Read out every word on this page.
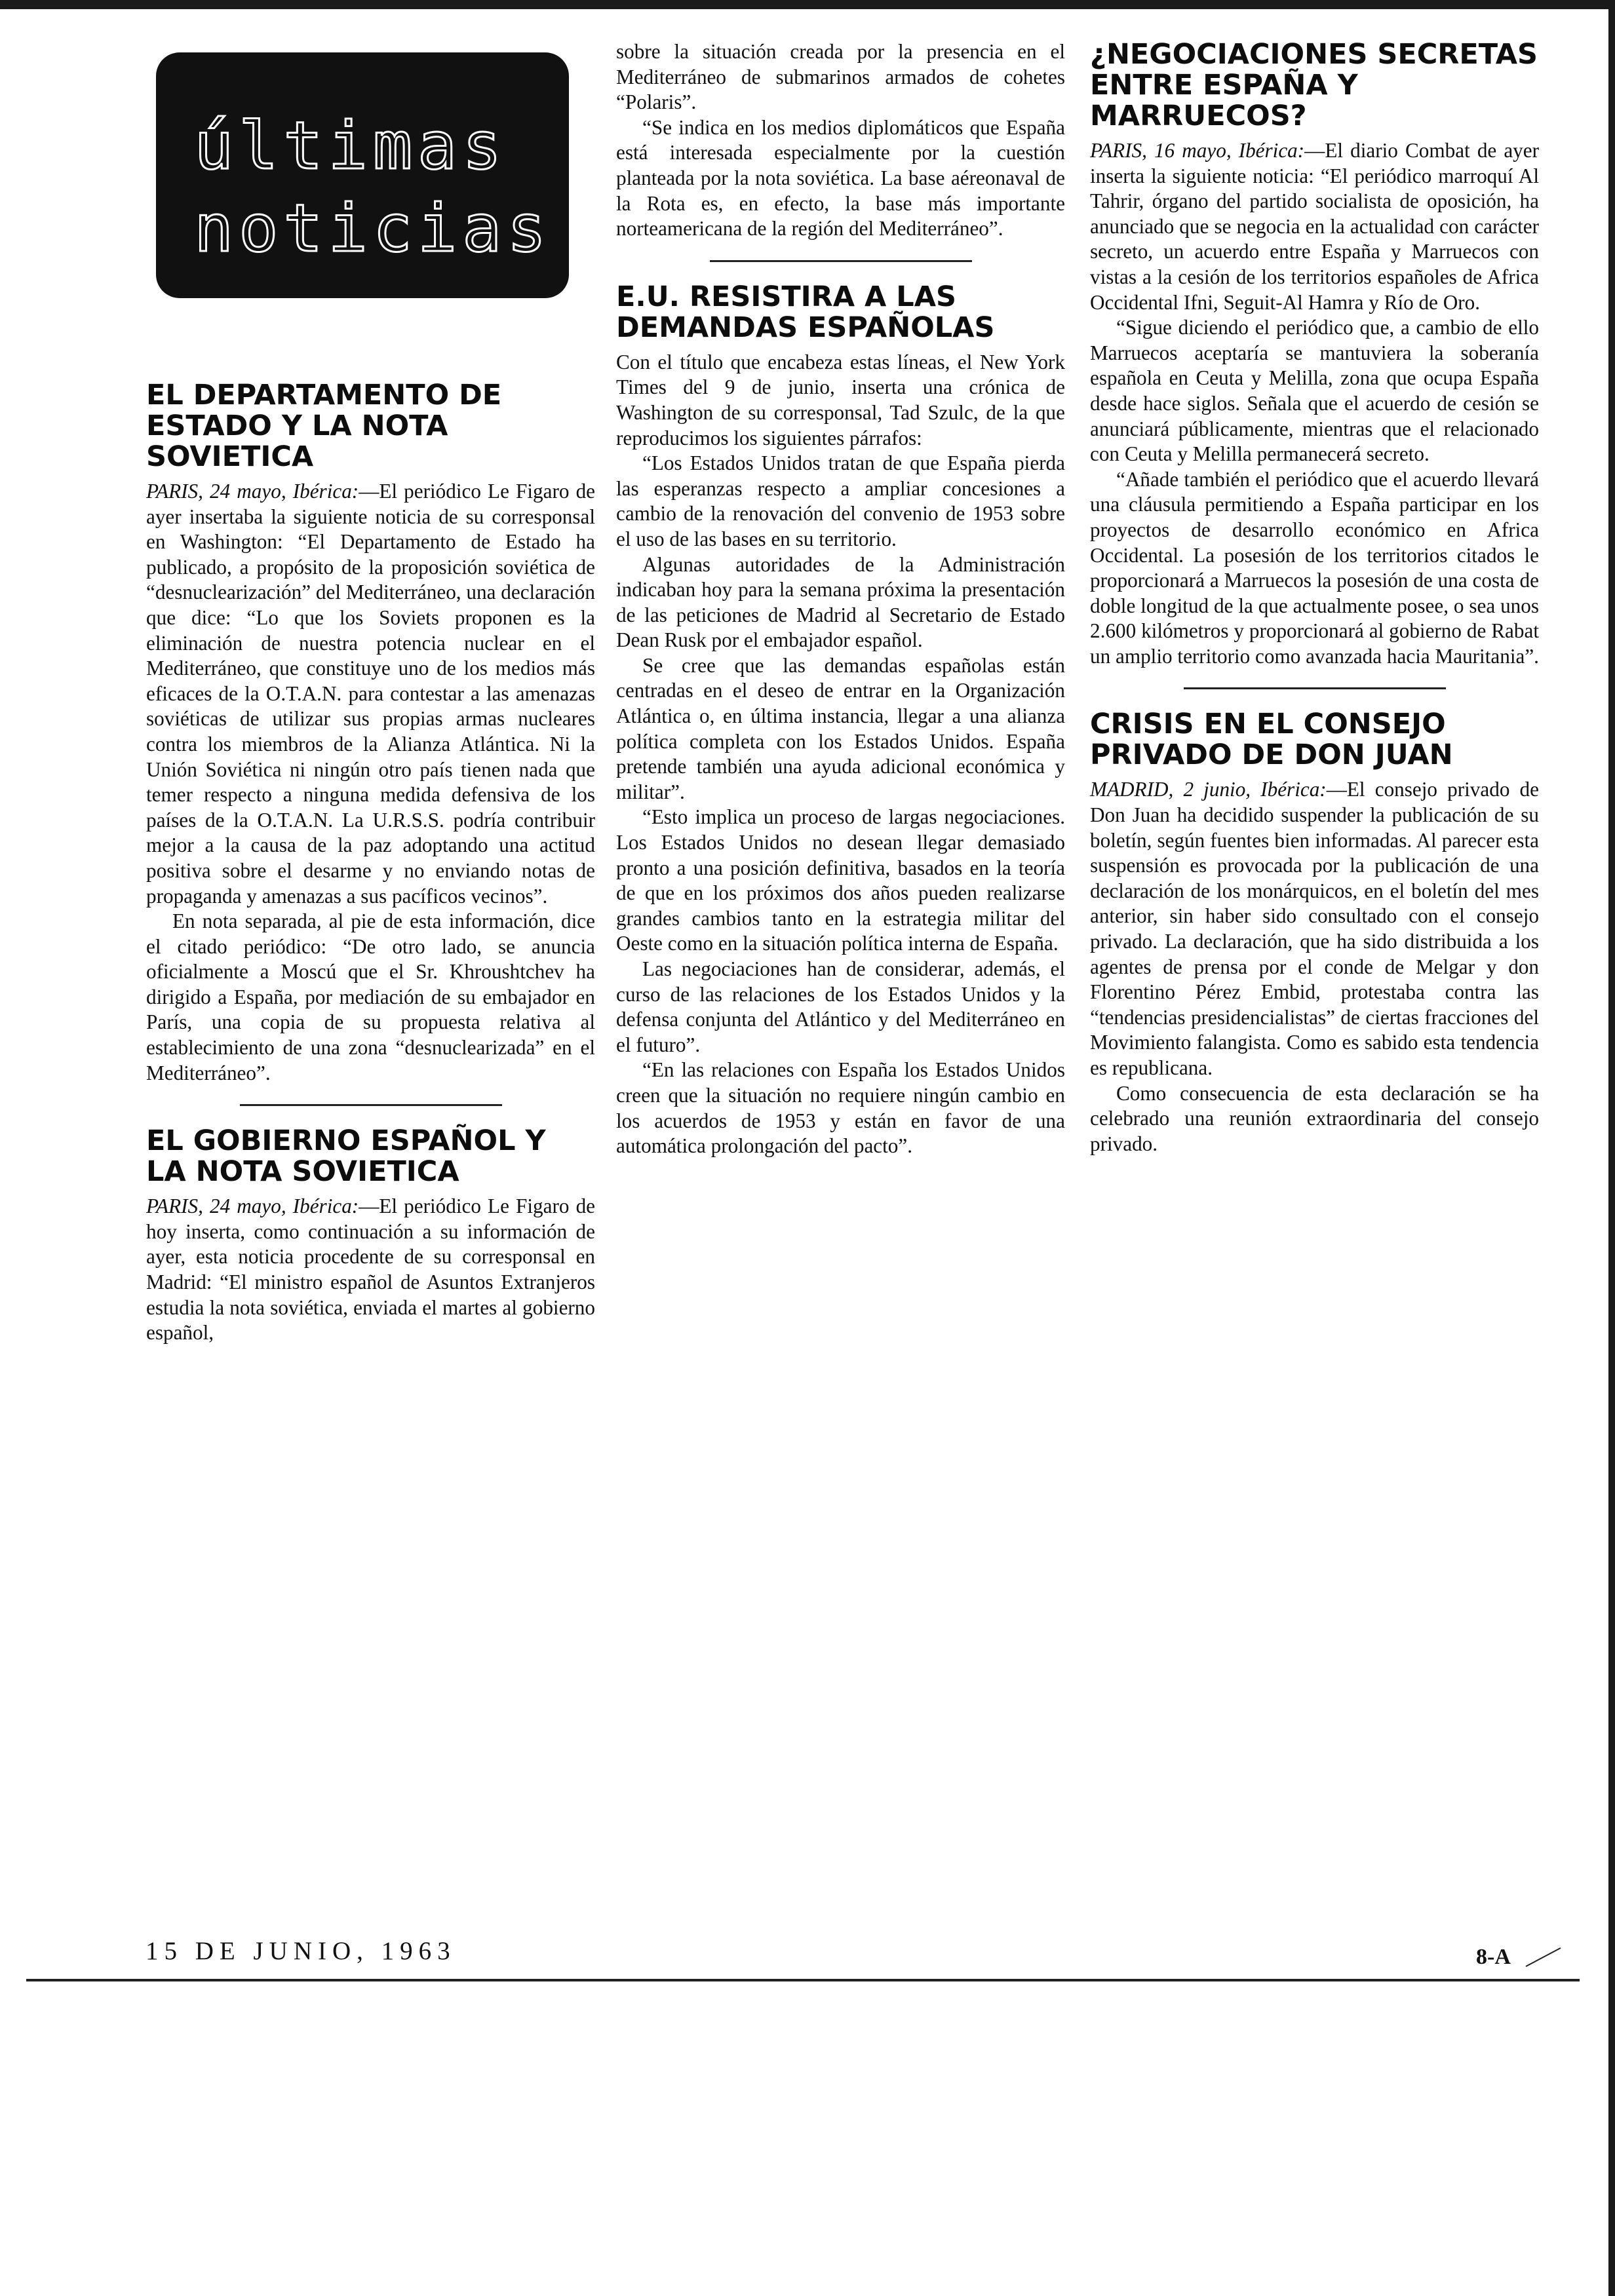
últimas
noticias
EL DEPARTAMENTO DE ESTADO Y LA NOTA SOVIETICA

PARIS, 24 mayo, Ibérica:—El periódico Le Figaro de ayer insertaba la siguiente noticia de su corresponsal en Washington: “El Departamento de Estado ha publicado, a propósito de la proposición soviética de “desnuclearización” del Mediterráneo, una declaración que dice: “Lo que los Soviets proponen es la eliminación de nuestra potencia nuclear en el Mediterráneo, que constituye uno de los medios más eficaces de la O.T.A.N. para contestar a las amenazas soviéticas de utilizar sus propias armas nucleares contra los miembros de la Alianza Atlántica. Ni la Unión Soviética ni ningún otro país tienen nada que temer respecto a ninguna medida defensiva de los países de la O.T.A.N. La U.R.S.S. podría contribuir mejor a la causa de la paz adoptando una actitud positiva sobre el desarme y no enviando notas de propaganda y amenazas a sus pacíficos vecinos”.

En nota separada, al pie de esta información, dice el citado periódico: “De otro lado, se anuncia oficialmente a Moscú que el Sr. Khroushtchev ha dirigido a España, por mediación de su embajador en París, una copia de su propuesta relativa al establecimiento de una zona “desnuclearizada” en el Mediterráneo”.

EL GOBIERNO ESPAÑOL Y LA NOTA SOVIETICA

PARIS, 24 mayo, Ibérica:—El periódico Le Figaro de hoy inserta, como continuación a su información de ayer, esta noticia procedente de su corresponsal en Madrid: “El ministro español de Asuntos Extranjeros estudia la nota soviética, enviada el martes al gobierno español,

sobre la situación creada por la presencia en el Mediterráneo de submarinos armados de cohetes “Polaris”.

“Se indica en los medios diplomáticos que España está interesada especialmente por la cuestión planteada por la nota soviética. La base aéreonaval de la Rota es, en efecto, la base más importante norteamericana de la región del Mediterráneo”.

E.U. RESISTIRA A LAS DEMANDAS ESPAÑOLAS

Con el título que encabeza estas líneas, el New York Times del 9 de junio, inserta una crónica de Washington de su corresponsal, Tad Szulc, de la que reproducimos los siguientes párrafos:

“Los Estados Unidos tratan de que España pierda las esperanzas respecto a ampliar concesiones a cambio de la renovación del convenio de 1953 sobre el uso de las bases en su territorio.

Algunas autoridades de la Administración indicaban hoy para la semana próxima la presentación de las peticiones de Madrid al Secretario de Estado Dean Rusk por el embajador español.

Se cree que las demandas españolas están centradas en el deseo de entrar en la Organización Atlántica o, en última instancia, llegar a una alianza política completa con los Estados Unidos. España pretende también una ayuda adicional económica y militar”.

“Esto implica un proceso de largas negociaciones. Los Estados Unidos no desean llegar demasiado pronto a una posición definitiva, basados en la teoría de que en los próximos dos años pueden realizarse grandes cambios tanto en la estrategia militar del Oeste como en la situación política interna de España.

Las negociaciones han de considerar, además, el curso de las relaciones de los Estados Unidos y la defensa conjunta del Atlántico y del Mediterráneo en el futuro”.

“En las relaciones con España los Estados Unidos creen que la situación no requiere ningún cambio en los acuerdos de 1953 y están en favor de una automática prolongación del pacto”.

¿NEGOCIACIONES SECRETAS ENTRE ESPAÑA Y MARRUECOS?

PARIS, 16 mayo, Ibérica:—El diario Combat de ayer inserta la siguiente noticia: “El periódico marroquí Al Tahrir, órgano del partido socialista de oposición, ha anunciado que se negocia en la actualidad con carácter secreto, un acuerdo entre España y Marruecos con vistas a la cesión de los territorios españoles de Africa Occidental Ifni, Seguit-Al Hamra y Río de Oro.

“Sigue diciendo el periódico que, a cambio de ello Marruecos aceptaría se mantuviera la soberanía española en Ceuta y Melilla, zona que ocupa España desde hace siglos. Señala que el acuerdo de cesión se anunciará públicamente, mientras que el relacionado con Ceuta y Melilla permanecerá secreto.

“Añade también el periódico que el acuerdo llevará una cláusula permitiendo a España participar en los proyectos de desarrollo económico en Africa Occidental. La posesión de los territorios citados le proporcionará a Marruecos la posesión de una costa de doble longitud de la que actualmente posee, o sea unos 2.600 kilómetros y proporcionará al gobierno de Rabat un amplio territorio como avanzada hacia Mauritania”.

CRISIS EN EL CONSEJO PRIVADO DE DON JUAN

MADRID, 2 junio, Ibérica:—El consejo privado de Don Juan ha decidido suspender la publicación de su boletín, según fuentes bien informadas. Al parecer esta suspensión es provocada por la publicación de una declaración de los monárquicos, en el boletín del mes anterior, sin haber sido consultado con el consejo privado. La declaración, que ha sido distribuida a los agentes de prensa por el conde de Melgar y don Florentino Pérez Embid, protestaba contra las “tendencias presidencialistas” de ciertas fracciones del Movimiento falangista. Como es sabido esta tendencia es republicana.

Como consecuencia de esta declaración se ha celebrado una reunión extraordinaria del consejo privado.

15 DE JUNIO, 1963	8-A
